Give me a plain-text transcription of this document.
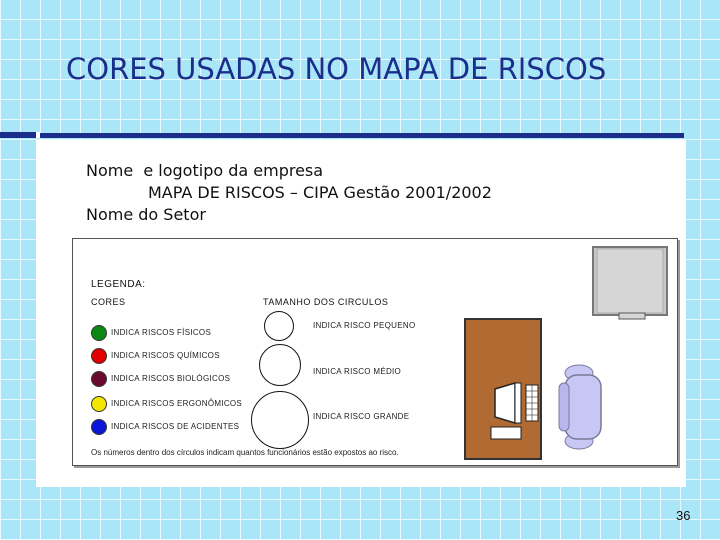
CORES USADAS NO MAPA DE RISCOS
Nome  e logotipo da empresa
MAPA DE RISCOS – CIPA Gestão 2001/2002
Nome do Setor
LEGENDA:
CORES	TAMANHO DOS CIRCULOS
INDICA RISCOS FÍSICOS
INDICA RISCOS QUÍMICOS
INDICA RISCOS BIOLÓGICOS
INDICA RISCOS ERGONÔMICOS
INDICA RISCOS DE ACIDENTES
INDICA RISCO PEQUENO
INDICA RISCO MÉDIO
INDICA RISCO GRANDE
Os números dentro dos círculos indicam quantos funcionários estão expostos ao risco.
36
